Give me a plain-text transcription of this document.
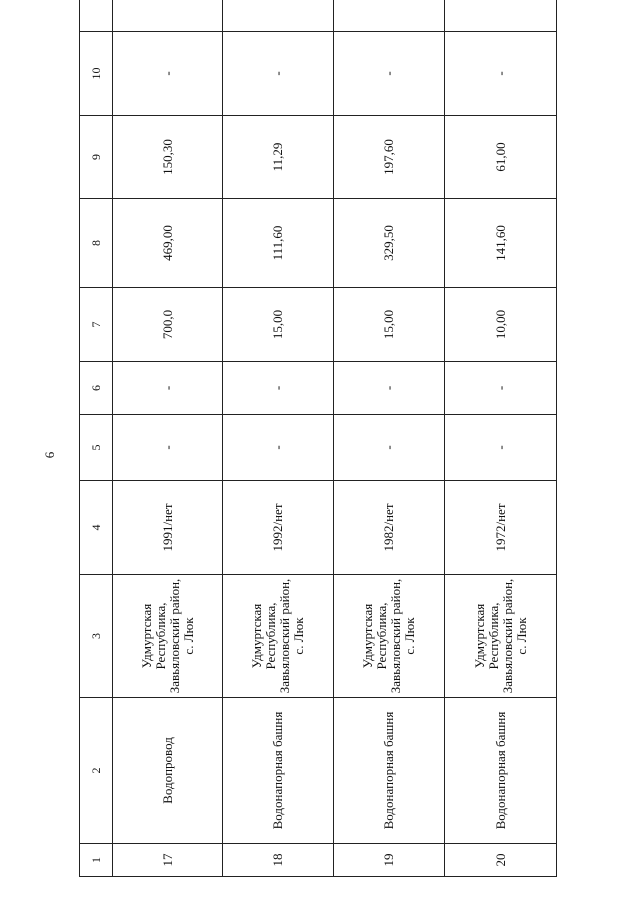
6
1	2	3	4	5	6	7	8	9	10	
17	Водопровод	Удмуртская Республика, Завьяловский район, с. Люк	1991/нет	-	-	700,0	469,00	150,30	-	
18	Водонапорная башня	Удмуртская Республика, Завьяловский район, с. Люк	1992/нет	-	-	15,00	111,60	11,29	-	
19	Водонапорная башня	Удмуртская Республика, Завьяловский район, с. Люк	1982/нет	-	-	15,00	329,50	197,60	-	
20	Водонапорная башня	Удмуртская Республика, Завьяловский район, с. Люк	1972/нет	-	-	10,00	141,60	61,00	-	
